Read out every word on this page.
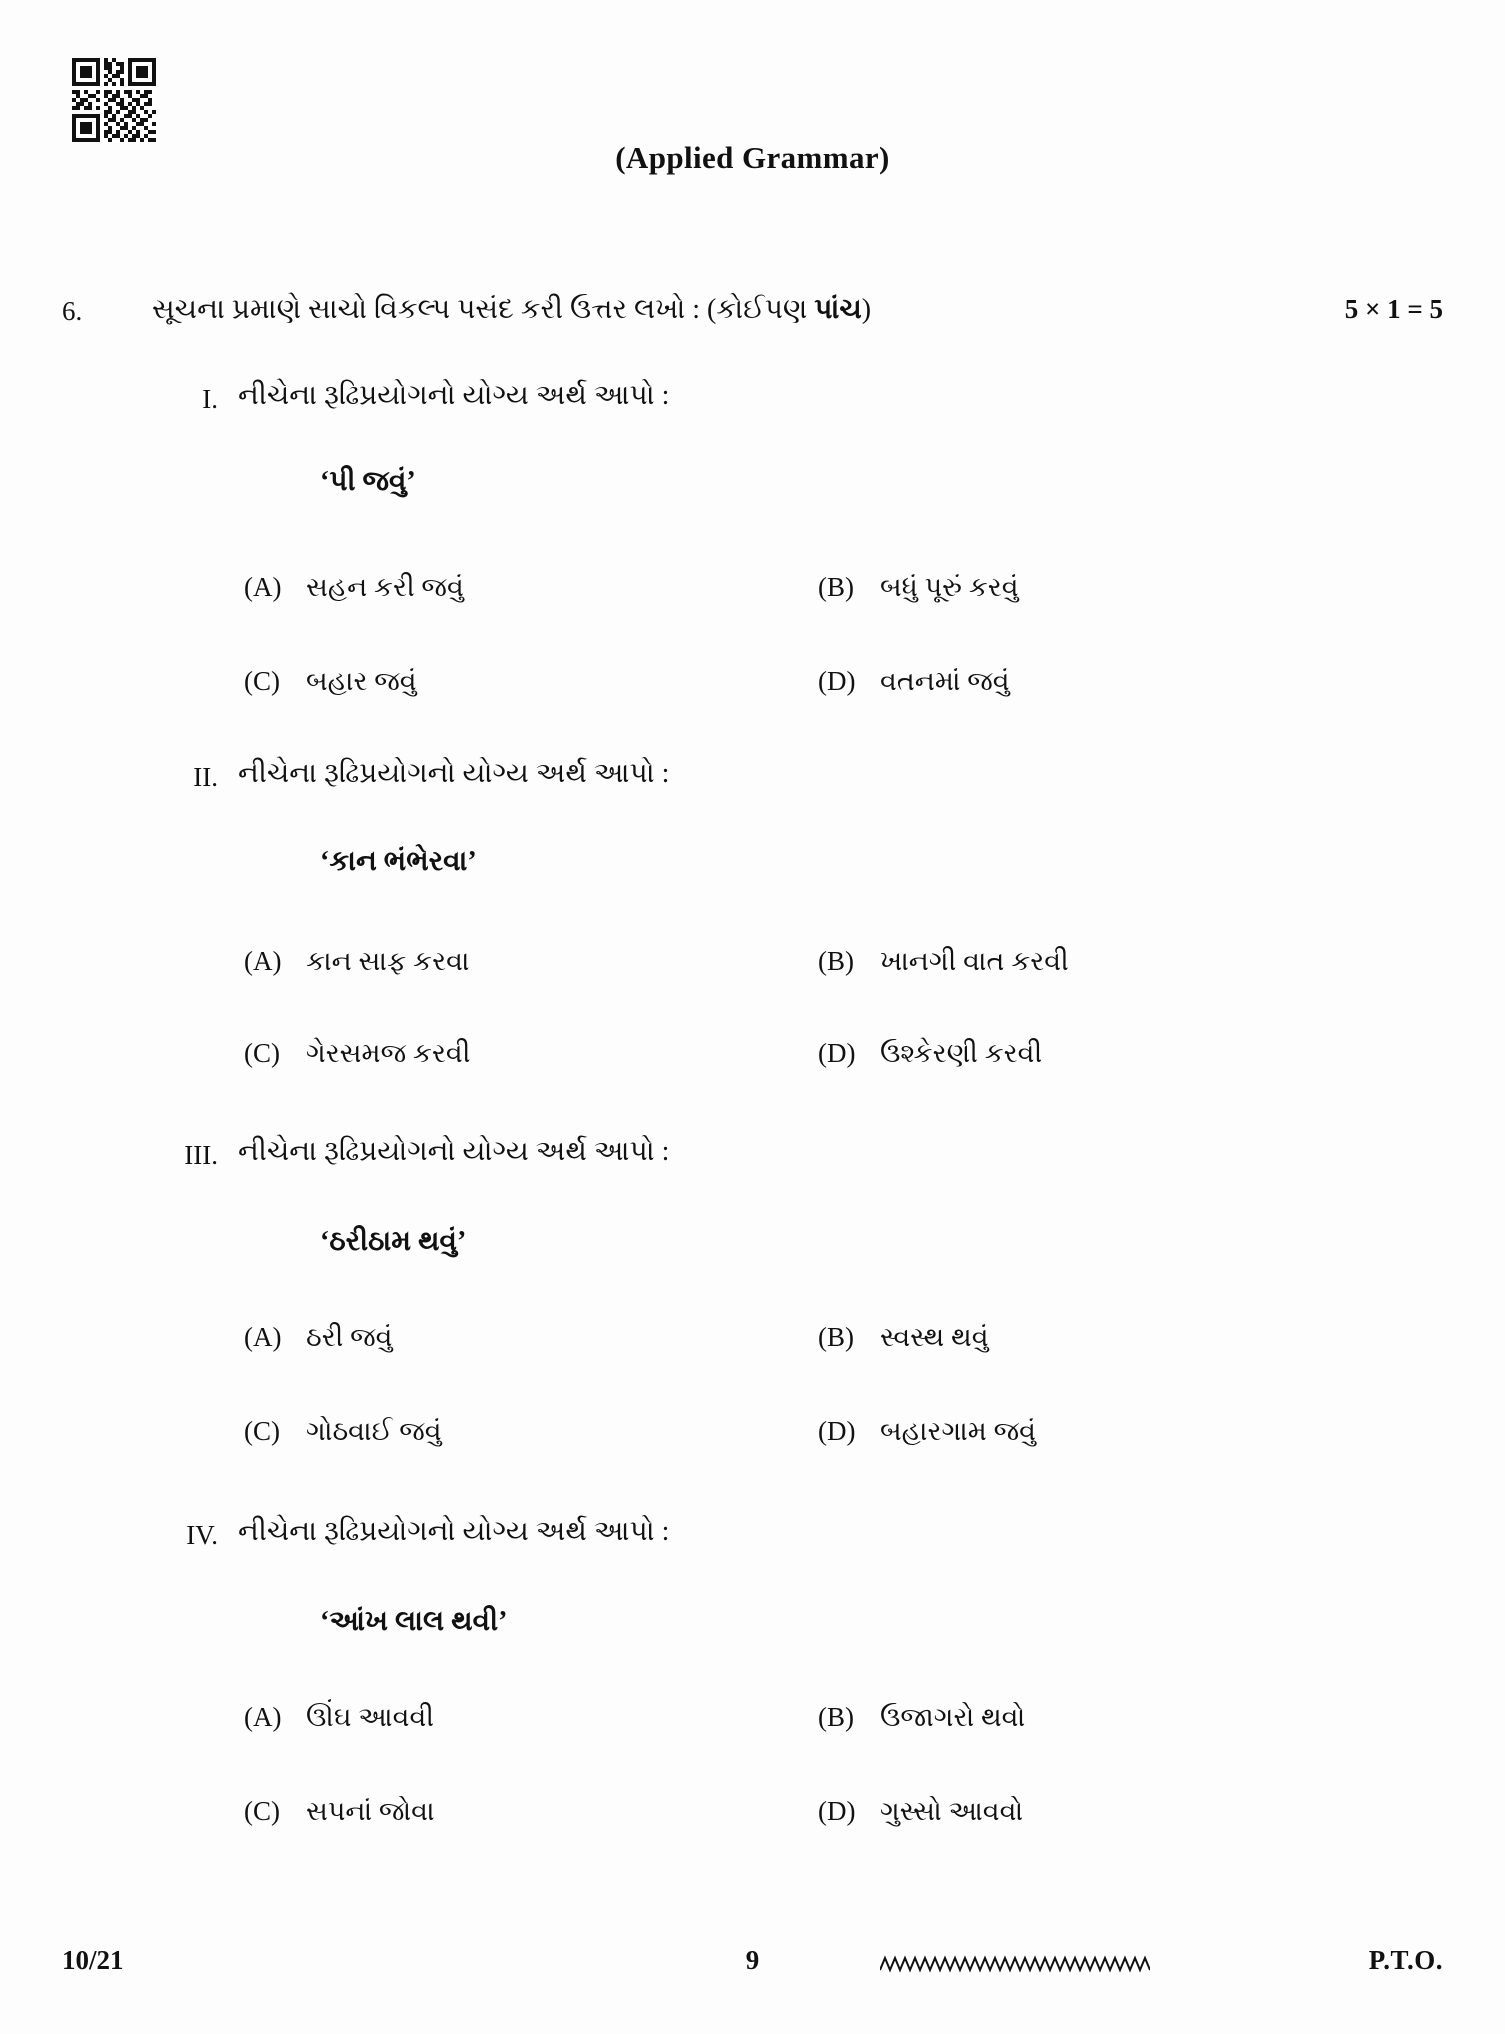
(Applied Grammar)
6. સૂચના પ્રમાણે સાચો વિકલ્પ પસંદ કરી ઉત્તર લખો : (કોઈપણ પાંચ)	5 × 1 = 5
I. નીચેના રૂઢિપ્રયોગનો યોગ્ય અર્થ આપો :
‘પી જવું’
(A) સહન કરી જવું	(B) બધું પૂરું કરવું
(C) બહાર જવું	(D) વતનમાં જવું
II. નીચેના રૂઢિપ્રયોગનો યોગ્ય અર્થ આપો :
‘કાન ભંભેરવા’
(A) કાન સાફ કરવા	(B) ખાનગી વાત કરવી
(C) ગેરસમજ કરવી	(D) ઉશ્કેરણી કરવી
III. નીચેના રૂઢિપ્રયોગનો યોગ્ય અર્થ આપો :
‘ઠરીઠામ થવું’
(A) ઠરી જવું	(B) સ્વસ્થ થવું
(C) ગોઠવાઈ જવું	(D) બહારગામ જવું
IV. નીચેના રૂઢિપ્રયોગનો યોગ્ય અર્થ આપો :
‘આંખ લાલ થવી’
(A) ઊંઘ આવવી	(B) ઉજાગરો થવો
(C) સપનાં જોવા	(D) ગુસ્સો આવવો
10/21	9	P.T.O.
